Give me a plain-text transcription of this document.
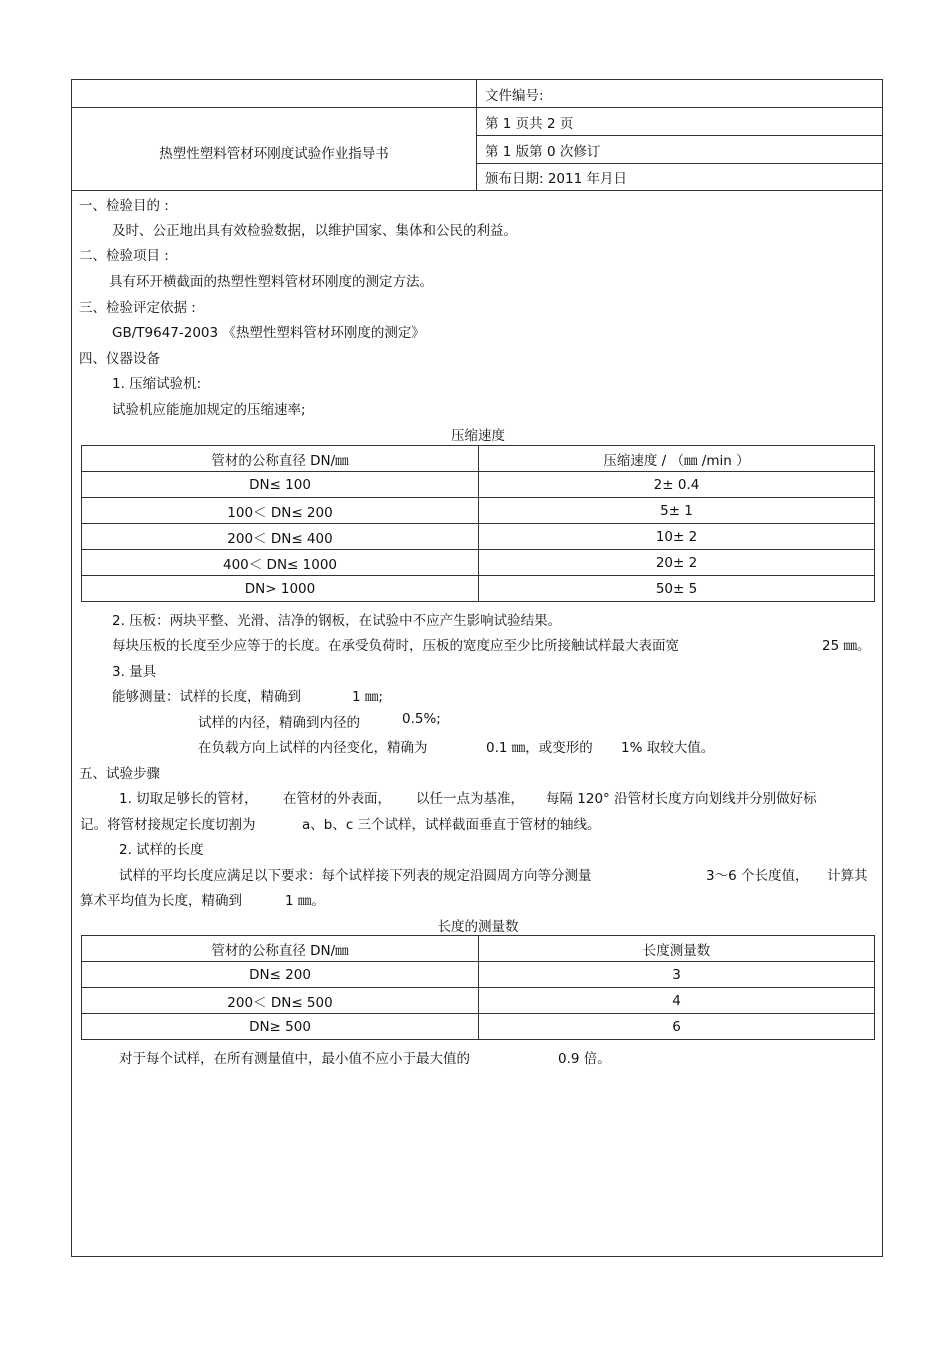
热塑性塑料管材环刚度试验作业指导书
文件编号:
第 1 页共 2 页
第 1 版第 0 次修订
颁布日期: 2011 年月日
一、检验目的 :
及时、公正地出具有效检验数据，以维护国家、集体和公民的利益。
二、检验项目 :
具有环开横截面的热塑性塑料管材环刚度的测定方法。
三、检验评定依据 :
GB/T9647-2003 《热塑性塑料管材环刚度的测定》
四、仪器设备
1. 压缩试验机:
试验机应能施加规定的压缩速率;
压缩速度
管材的公称直径 DN/㎜	压缩速度 / （㎜ /min ）
DN≤ 100	2± 0.4
100＜ DN≤ 200	5± 1
200＜ DN≤ 400	10± 2
400＜ DN≤ 1000	20± 2
DN> 1000	50± 5
2. 压板：两块平整、光滑、洁净的钢板，在试验中不应产生影响试验结果。
每块压板的长度至少应等于的长度。在承受负荷时，压板的宽度应至少比所接触试样最大表面宽	25 ㎜。
3. 量具
能够测量：试样的长度，精确到	1 ㎜;
试样的内径，精确到内径的	0.5%;
在负载方向上试样的内径变化，精确为	0.1 ㎜，或变形的 1% 取较大值。
五、试验步骤
1. 切取足够长的管材， 在管材的外表面， 以任一点为基准， 每隔 120° 沿管材长度方向划线并分别做好标
记。将管材接规定长度切割为	a、b、c 三个试样，试样截面垂直于管材的轴线。
2. 试样的长度
试样的平均长度应满足以下要求：每个试样接下列表的规定沿圆周方向等分测量	3～6 个长度值， 计算其
算术平均值为长度，精确到	1 ㎜。
长度的测量数
管材的公称直径 DN/㎜	长度测量数
DN≤ 200	3
200＜ DN≤ 500	4
DN≥ 500	6
对于每个试样，在所有测量值中，最小值不应小于最大值的	0.9 倍。
